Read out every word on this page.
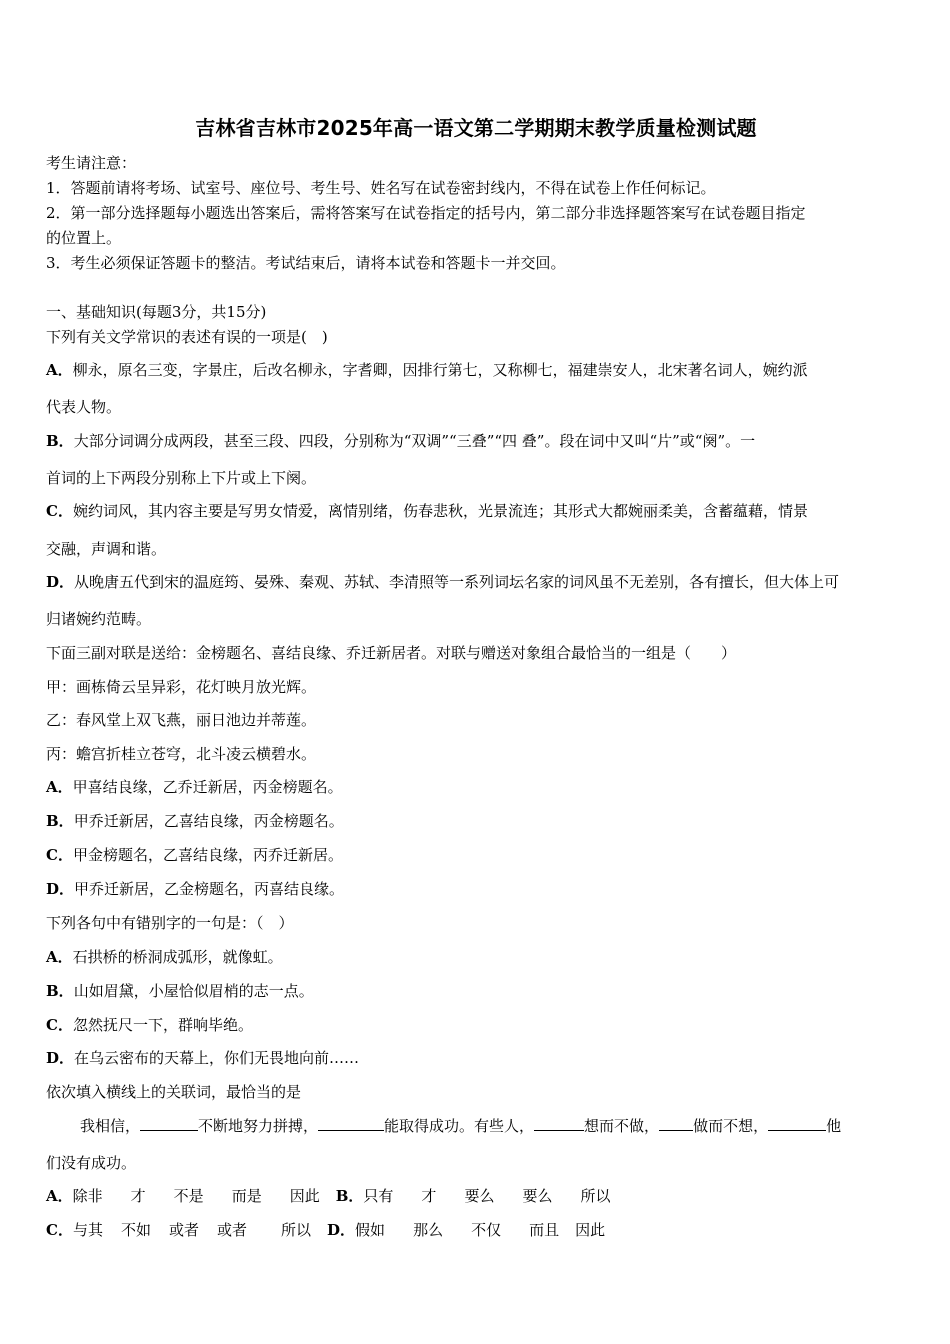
吉林省吉林市2025年高一语文第二学期期末教学质量检测试题
考生请注意：
1．答题前请将考场、试室号、座位号、考生号、姓名写在试卷密封线内，不得在试卷上作任何标记。
2．第一部分选择题每小题选出答案后，需将答案写在试卷指定的括号内，第二部分非选择题答案写在试卷题目指定
的位置上。
3．考生必须保证答题卡的整洁。考试结束后，请将本试卷和答题卡一并交回。
一、基础知识(每题3分，共15分)
下列有关文学常识的表述有误的一项是(　)
A．柳永，原名三变，字景庄，后改名柳永，字耆卿，因排行第七，又称柳七，福建崇安人，北宋著名词人，婉约派
代表人物。
B．大部分词调分成两段，甚至三段、四段，分别称为“双调”“三叠”“四 叠”。段在词中又叫“片”或“阕”。一
首词的上下两段分别称上下片或上下阕。
C．婉约词风，其内容主要是写男女情爱，离情别绪，伤春悲秋，光景流连；其形式大都婉丽柔美，含蓄蕴藉，情景
交融，声调和谐。
D．从晚唐五代到宋的温庭筠、晏殊、秦观、苏轼、李清照等一系列词坛名家的词风虽不无差别，各有擅长，但大体上可
归诸婉约范畴。
下面三副对联是送给：金榜题名、喜结良缘、乔迁新居者。对联与赠送对象组合最恰当的一组是（　　）
甲：画栋倚云呈异彩，花灯映月放光辉。
乙：春风堂上双飞燕，丽日池边并蒂莲。
丙：蟾宫折桂立苍穹，北斗凌云横碧水。
A．甲喜结良缘，乙乔迁新居，丙金榜题名。
B．甲乔迁新居，乙喜结良缘，丙金榜题名。
C．甲金榜题名，乙喜结良缘，丙乔迁新居。
D．甲乔迁新居，乙金榜题名，丙喜结良缘。
下列各句中有错别字的一句是：（　）
A．石拱桥的桥洞成弧形，就像虹。
B．山如眉黛，小屋恰似眉梢的志一点。
C．忽然抚尺一下，群响毕绝。
D．在乌云密布的天幕上，你们无畏地向前……
依次填入横线上的关联词，最恰当的是
我相信，	不断地努力拼搏，	能取得成功。有些人，	想而不做， 做而不想，	他
们没有成功。
A．除非 才 不是 而是 因此 B．只有 才 要么 要么 所以
C．与其 不如 或者 或者 所以 D．假如 那么 不仅 而且 因此
